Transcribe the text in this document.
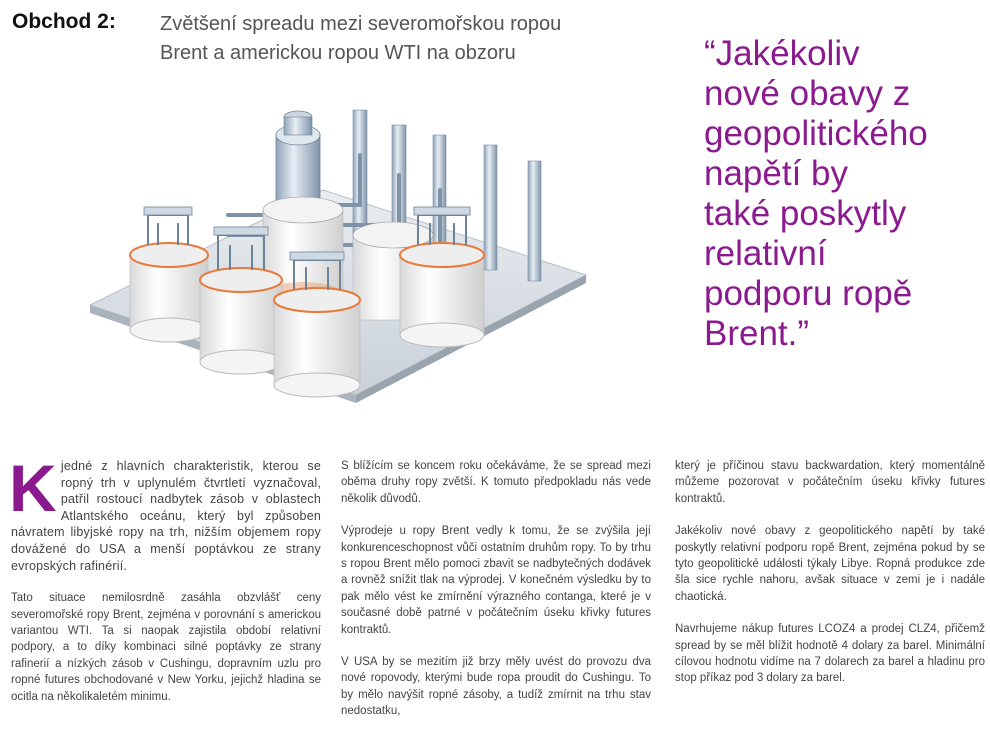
Obchod 2: Zvětšení spreadu mezi severomořskou ropou
Brent a americkou ropou WTI na obzoru	“Jakékoliv
nové obavy z
geopolitického
napětí by
také poskytly
relativní
podporu ropě
Brent.”

Kjedné z hlavních charakteristik, kterou se ropný trh v uplynulém čtvrtletí vyznačoval, patřil rostoucí nadbytek zásob v oblastech Atlantského oceánu, který byl způsoben návratem libyjské ropy na trh, nižším objemem ropy dovážené do USA a menší poptávkou ze strany evropských rafinérií.

Tato situace nemilosrdně zasáhla obzvlášť ceny severomořské ropy Brent, zejména v porovnání s americkou variantou WTI. Ta si naopak zajistila období relativní podpory, a to díky kombinaci silné poptávky ze strany rafinerií a nízkých zásob v Cushingu, dopravním uzlu pro ropné futures obchodované v New Yorku, jejichž hladina se ocitla na několikaletém minimu.

S blížícím se koncem roku očekáváme, že se spread mezi oběma druhy ropy zvětší. K tomuto předpokladu nás vede několik důvodů.

Výprodeje u ropy Brent vedly k tomu, že se zvýšila její konkurenceschopnost vůči ostatním druhům ropy. To by trhu s ropou Brent mělo pomoci zbavit se nadbytečných dodávek a rovněž snížit tlak na výprodej. V konečném výsledku by to pak mělo vést ke zmírnění výrazného contanga, které je v současné době patrné v počátečním úseku křivky futures kontraktů.

V USA by se mezitím již brzy měly uvést do provozu dva nové ropovody, kterými bude ropa proudit do Cushingu. To by mělo navýšit ropné zásoby, a tudíž zmírnit na trhu stav nedostatku,

který je příčinou stavu backwardation, který momentálně můžeme pozorovat v počátečním úseku křivky futures kontraktů.

Jakékoliv nové obavy z geopolitického napětí by také poskytly relativní podporu ropě Brent, zejména pokud by se tyto geopolitické události týkaly Libye. Ropná produkce zde šla sice rychle nahoru, avšak situace v zemi je i nadále chaotická.

Navrhujeme nákup futures LCOZ4 a prodej CLZ4, přičemž spread by se měl blížit hodnotě 4 dolary za barel. Minimální cílovou hodnotu vidíme na 7 dolarech za barel a hladinu pro stop příkaz pod 3 dolary za barel.
